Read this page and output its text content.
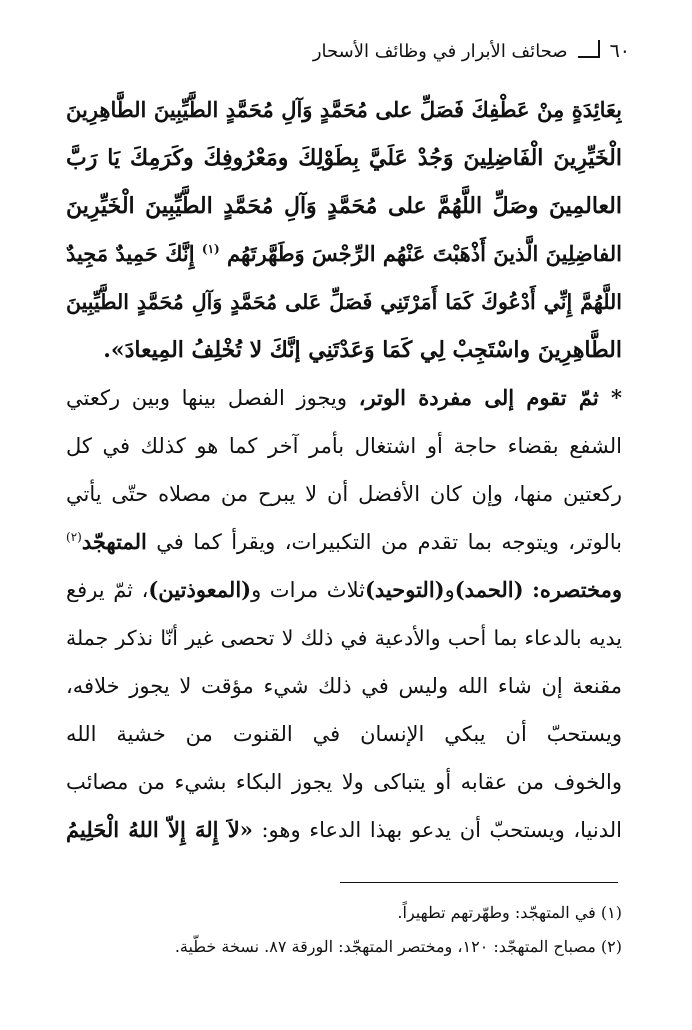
٦٠
صحائف الأبرار في وظائف الأسحار
بِعَائِدَةٍ مِنْ عَطْفِكَ فَصَلِّ على مُحَمَّدٍ وَآلِ مُحَمَّدٍ الطَّيِّبِينَ الطَّاهِرِينَ
الْخَيِّرِينَ الْفَاضِلِينَ وَجُدْ عَلَيَّ بِطَوْلِكَ ومَعْرُوفِكَ وكَرَمِكَ يَا رَبَّ
العالمِينَ وصَلِّ اللَّهُمَّ على مُحَمَّدٍ وَآلِ مُحَمَّدٍ الطَّيِّبِينَ الْخَيِّرِينَ
الفاضِلِينَ الَّذينَ أَذْهَبْتَ عَنْهُم الرِّجْسَ وَطَهَّرتَهُم $^{(١)}$ إِنَّكَ حَمِيدٌ مَجِيدٌ
اللَّهُمَّ إِنِّي أَدْعُوكَ كَمَا أَمَرْتَنِي فَصَلِّ عَلى مُحَمَّدٍ وَآلِ مُحَمَّدٍ الطَّيِّبِينَ
الطَّاهِرِينَ واسْتَجِبْ لِي كَمَا وَعَدْتَنِي إنَّكَ لا تُخْلِفُ المِيعادَ».
* ثمّ تقوم إلى مفردة الوتر، ويجوز الفصل بينها وبين ركعتي
الشفع بقضاء حاجة أو اشتغال بأمر آخر كما هو كذلك في كل
ركعتين منها، وإن كان الأفضل أن لا يبرح من مصلاه حتّى يأتي
بالوتر، ويتوجه بما تقدم من التكبيرات، ويقرأ كما في المتهجّد$^{(٢)}$
ومختصره: (الحمد)و(التوحيد)ثلاث مرات و(المعوذتين)، ثمّ يرفع
يديه بالدعاء بما أحب والأدعية في ذلك لا تحصى غير أنّا نذكر جملة
مقنعة إن شاء الله وليس في ذلك شيء مؤقت لا يجوز خلافه،
ويستحبّ أن يبكي الإنسان في القنوت من خشية الله
والخوف من عقابه أو يتباكى ولا يجوز البكاء بشيء من مصائب
الدنيا، ويستحبّ أن يدعو بهذا الدعاء وهو: «لاَ إِلهَ إِلاّ اللهُ الْحَلِيمُ
(١) في المتهجّد: وطهّرتهم تطهيراً.
(٢) مصباح المتهجّد: ١٢٠، ومختصر المتهجّد: الورقة ٨٧. نسخة خطّية.
